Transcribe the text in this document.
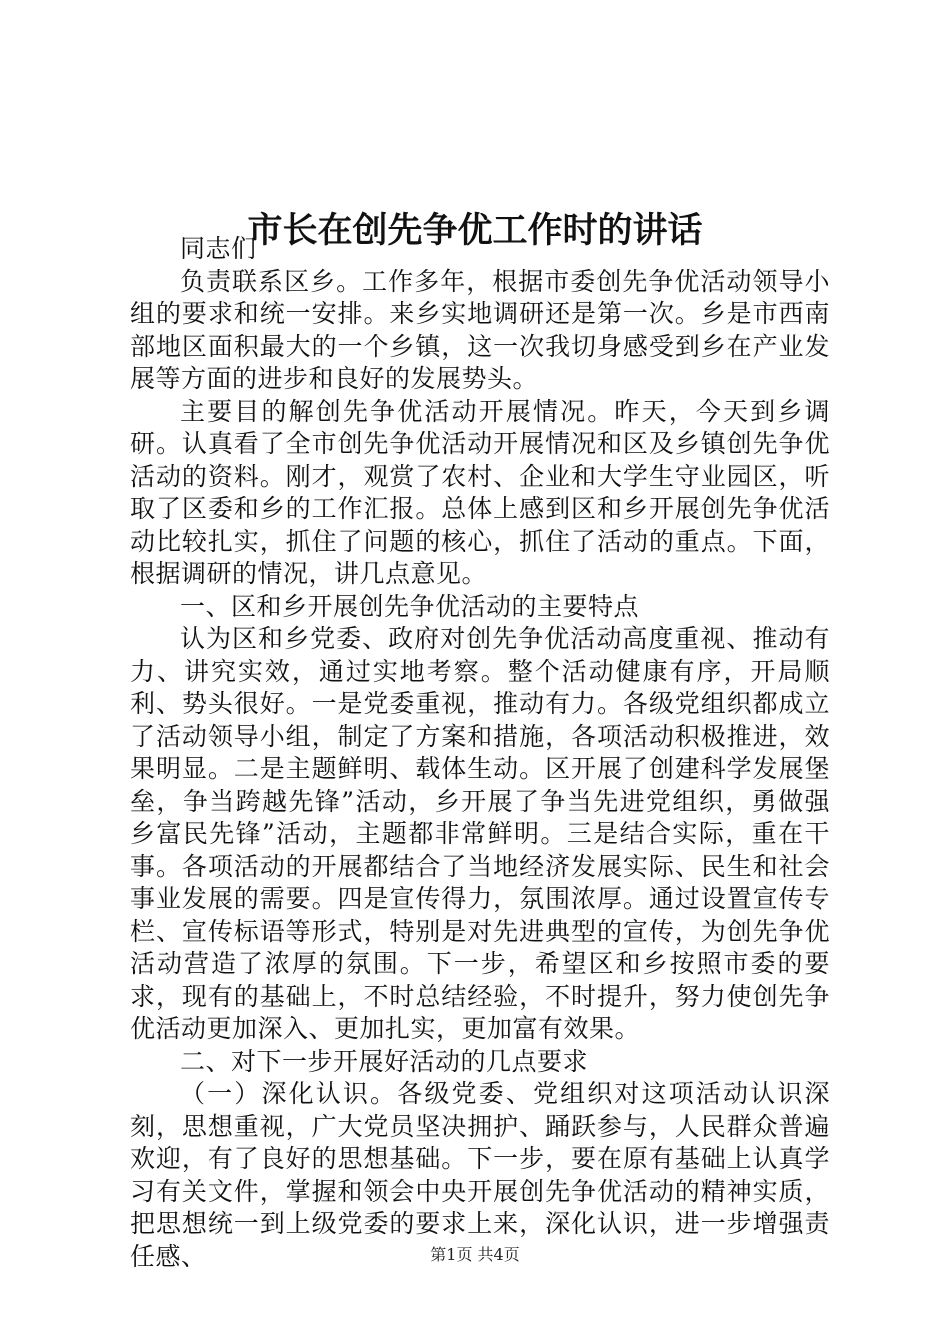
市长在创先争优工作时的讲话

同志们

负责联系区乡。工作多年，根据市委创先争优活动领导小组的要求和统一安排。来乡实地调研还是第一次。乡是市西南部地区面积最大的一个乡镇，这一次我切身感受到乡在产业发展等方面的进步和良好的发展势头。

主要目的解创先争优活动开展情况。昨天，今天到乡调研。认真看了全市创先争优活动开展情况和区及乡镇创先争优活动的资料。刚才，观赏了农村、企业和大学生守业园区，听取了区委和乡的工作汇报。总体上感到区和乡开展创先争优活动比较扎实，抓住了问题的核心，抓住了活动的重点。下面，根据调研的情况，讲几点意见。

一、区和乡开展创先争优活动的主要特点

认为区和乡党委、政府对创先争优活动高度重视、推动有力、讲究实效，通过实地考察。整个活动健康有序，开局顺利、势头很好。一是党委重视，推动有力。各级党组织都成立了活动领导小组，制定了方案和措施，各项活动积极推进，效果明显。二是主题鲜明、载体生动。区开展了创建科学发展堡垒，争当跨越先锋”活动，乡开展了争当先进党组织，勇做强乡富民先锋”活动，主题都非常鲜明。三是结合实际，重在干事。各项活动的开展都结合了当地经济发展实际、民生和社会事业发展的需要。四是宣传得力，氛围浓厚。通过设置宣传专栏、宣传标语等形式，特别是对先进典型的宣传，为创先争优活动营造了浓厚的氛围。下一步，希望区和乡按照市委的要求，现有的基础上，不时总结经验，不时提升，努力使创先争优活动更加深入、更加扎实，更加富有效果。

二、对下一步开展好活动的几点要求

（一）深化认识。各级党委、党组织对这项活动认识深刻，思想重视，广大党员坚决拥护、踊跃参与，人民群众普遍欢迎，有了良好的思想基础。下一步，要在原有基础上认真学习有关文件，掌握和领会中央开展创先争优活动的精神实质，把思想统一到上级党委的要求上来，深化认识，进一步增强责任感、	第1页 共4页
